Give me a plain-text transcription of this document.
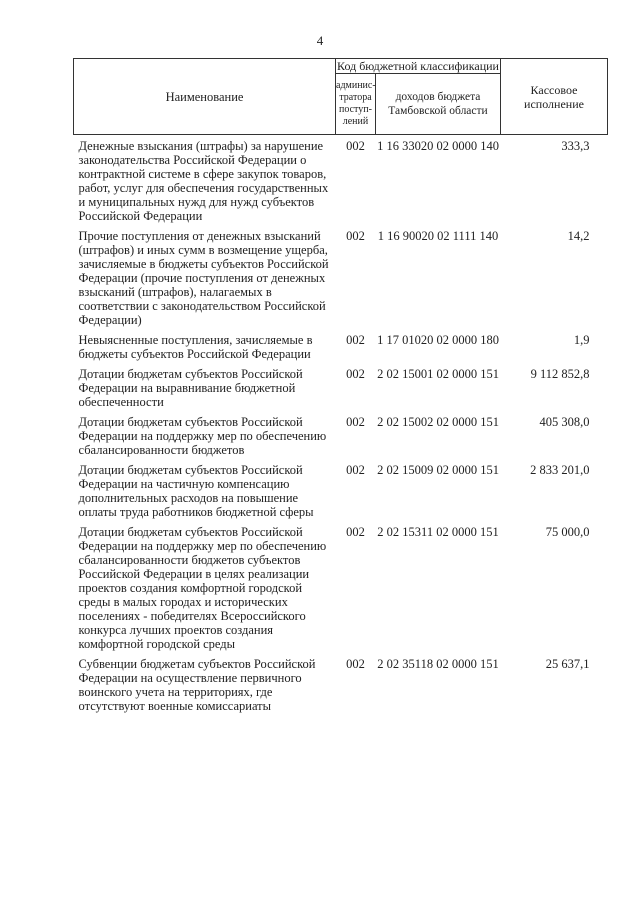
4
Наименование	Код бюджетной классификации		Кассовое исполнение
	админис- тратора поступ- лений	доходов бюджета Тамбовской области	
Денежные взыскания (штрафы) за нарушение законодательства Российской Федерации о контрактной системе в сфере закупок товаров, работ, услуг для обеспечения государственных и муниципальных нужд для нужд субъектов Российской Федерации	002	1 16 33020 02 0000 140	333,3
Прочие поступления от денежных взысканий (штрафов) и иных сумм в возмещение ущерба, зачисляемые в бюджеты субъектов Российской Федерации (прочие поступления от денежных взысканий (штрафов), налагаемых в соответствии с законодательством Российской Федерации)	002	1 16 90020 02 1111 140	14,2
Невыясненные поступления, зачисляемые в бюджеты субъектов Российской Федерации	002	1 17 01020 02 0000 180	1,9
Дотации бюджетам субъектов Российской Федерации на выравнивание бюджетной обеспеченности	002	2 02 15001 02 0000 151	9 112 852,8
Дотации бюджетам субъектов Российской Федерации на поддержку мер по обеспечению сбалансированности бюджетов	002	2 02 15002 02 0000 151	405 308,0
Дотации бюджетам субъектов Российской Федерации на частичную компенсацию дополнительных расходов на повышение оплаты труда работников бюджетной сферы	002	2 02 15009 02 0000 151	2 833 201,0
Дотации бюджетам субъектов Российской Федерации на поддержку мер по обеспечению сбалансированности бюджетов субъектов Российской Федерации в целях реализации проектов создания комфортной городской среды в малых городах и исторических поселениях - победителях Всероссийского конкурса лучших проектов создания комфортной городской среды	002	2 02 15311 02 0000 151	75 000,0
Субвенции бюджетам субъектов Российской Федерации на осуществление первичного воинского учета на территориях, где отсутствуют военные комиссариаты	002	2 02 35118 02 0000 151	25 637,1
